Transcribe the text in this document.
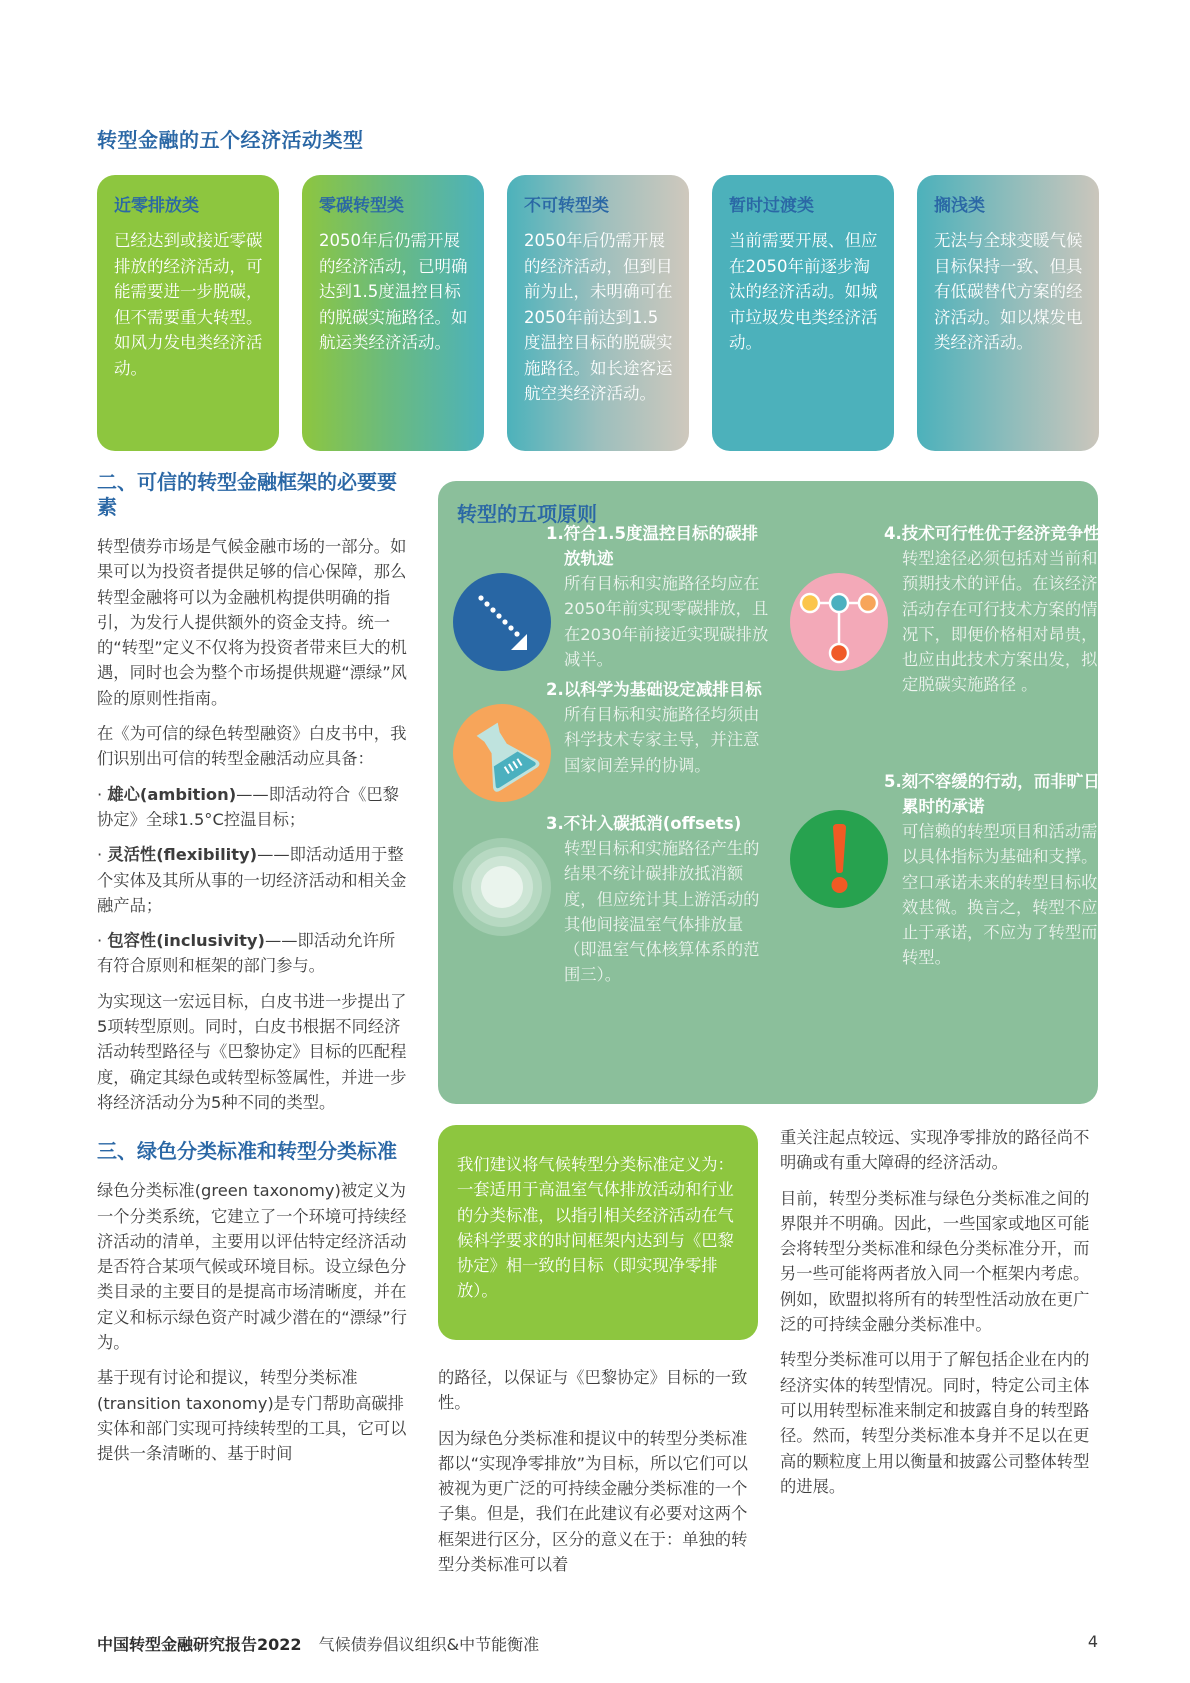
转型金融的五个经济活动类型
近零排放类
已经达到或接近零碳排放的经济活动，可能需要进一步脱碳，但不需要重大转型。如风力发电类经济活动。
零碳转型类
2050年后仍需开展的经济活动，已明确达到1.5度温控目标的脱碳实施路径。如航运类经济活动。
不可转型类
2050年后仍需开展的经济活动，但到目前为止，未明确可在2050年前达到1.5度温控目标的脱碳实施路径。如长途客运航空类经济活动。
暂时过渡类
当前需要开展、但应在2050年前逐步淘汰的经济活动。如城市垃圾发电类经济活动。
搁浅类
无法与全球变暖气候目标保持一致、但具有低碳替代方案的经济活动。如以煤发电类经济活动。
二、可信的转型金融框架的必要要素
转型债券市场是气候金融市场的一部分。如果可以为投资者提供足够的信心保障，那么转型金融将可以为金融机构提供明确的指引，为发行人提供额外的资金支持。统一的“转型”定义不仅将为投资者带来巨大的机遇，同时也会为整个市场提供规避“漂绿”风险的原则性指南。
在《为可信的绿色转型融资》白皮书中，我们识别出可信的转型金融活动应具备：
· 雄心(ambition)——即活动符合《巴黎协定》全球1.5°C控温目标；
· 灵活性(flexibility)——即活动适用于整个实体及其所从事的一切经济活动和相关金融产品；
· 包容性(inclusivity)——即活动允许所有符合原则和框架的部门参与。
为实现这一宏远目标，白皮书进一步提出了5项转型原则。同时，白皮书根据不同经济活动转型路径与《巴黎协定》目标的匹配程度，确定其绿色或转型标签属性，并进一步将经济活动分为5种不同的类型。
三、绿色分类标准和转型分类标准
绿色分类标准(green taxonomy)被定义为一个分类系统，它建立了一个环境可持续经济活动的清单，主要用以评估特定经济活动是否符合某项气候或环境目标。设立绿色分类目录的主要目的是提高市场清晰度，并在定义和标示绿色资产时减少潜在的“漂绿”行为。
基于现有讨论和提议，转型分类标准(transition taxonomy)是专门帮助高碳排实体和部门实现可持续转型的工具，它可以提供一条清晰的、基于时间
转型的五项原则
1.符合1.5度温控目标的碳排放轨迹
所有目标和实施路径均应在2050年前实现零碳排放，且在2030年前接近实现碳排放减半。
2.以科学为基础设定减排目标
所有目标和实施路径均须由科学技术专家主导，并注意国家间差异的协调。
3.不计入碳抵消(offsets)
转型目标和实施路径产生的结果不统计碳排放抵消额度，但应统计其上游活动的其他间接温室气体排放量（即温室气体核算体系的范围三）。
4.技术可行性优于经济竞争性
转型途径必须包括对当前和预期技术的评估。在该经济活动存在可行技术方案的情况下，即便价格相对昂贵，也应由此技术方案出发，拟定脱碳实施路径 。
5.刻不容缓的行动，而非旷日累时的承诺
可信赖的转型项目和活动需以具体指标为基础和支撑。空口承诺未来的转型目标收效甚微。换言之，转型不应止于承诺，不应为了转型而转型。
我们建议将气候转型分类标准定义为：一套适用于高温室气体排放活动和行业的分类标准，以指引相关经济活动在气候科学要求的时间框架内达到与《巴黎协定》相一致的目标（即实现净零排放）。
的路径，以保证与《巴黎协定》目标的一致性。
因为绿色分类标准和提议中的转型分类标准都以“实现净零排放”为目标，所以它们可以被视为更广泛的可持续金融分类标准的一个子集。但是，我们在此建议有必要对这两个框架进行区分，区分的意义在于：单独的转型分类标准可以着
重关注起点较远、实现净零排放的路径尚不明确或有重大障碍的经济活动。
目前，转型分类标准与绿色分类标准之间的界限并不明确。因此，一些国家或地区可能会将转型分类标准和绿色分类标准分开，而另一些可能将两者放入同一个框架内考虑。例如，欧盟拟将所有的转型性活动放在更广泛的可持续金融分类标准中。
转型分类标准可以用于了解包括企业在内的经济实体的转型情况。同时，特定公司主体可以用转型标准来制定和披露自身的转型路径。然而，转型分类标准本身并不足以在更高的颗粒度上用以衡量和披露公司整体转型的进展。
中国转型金融研究报告2022 气候债券倡议组织&中节能衡准	4
